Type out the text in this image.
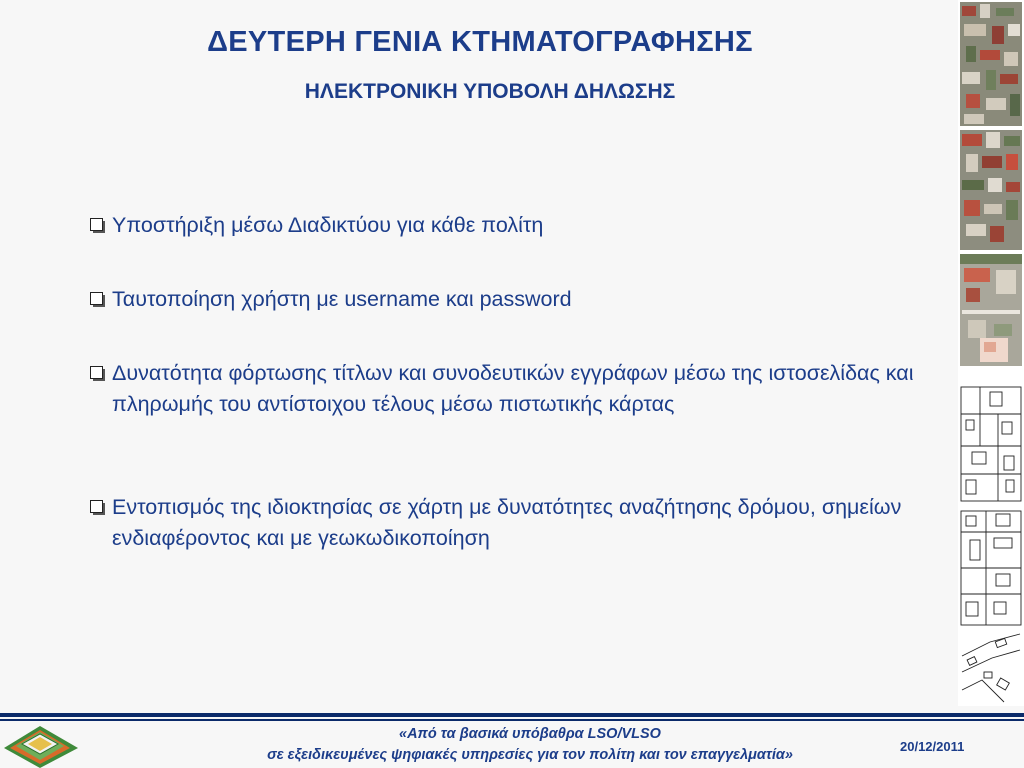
ΔΕΥΤΕΡΗ ΓΕΝΙΑ ΚΤΗΜΑΤΟΓΡΑΦΗΣΗΣ
ΗΛΕΚΤΡΟΝΙΚΗ ΥΠΟΒΟΛΗ ΔΗΛΩΣΗΣ
Υποστήριξη μέσω Διαδικτύου για κάθε πολίτη
Ταυτοποίηση χρήστη με username και password
Δυνατότητα φόρτωσης τίτλων και συνοδευτικών εγγράφων μέσω της ιστοσελίδας και πληρωμής του αντίστοιχου τέλους μέσω πιστωτικής κάρτας
Εντοπισμός της ιδιοκτησίας σε χάρτη με δυνατότητες αναζήτησης δρόμου, σημείων ενδιαφέροντος και με γεωκωδικοποίηση
«Από τα βασικά υπόβαθρα LSO/VLSO
σε εξειδικευμένες ψηφιακές υπηρεσίες για τον πολίτη και τον επαγγελματία»
20/12/2011
